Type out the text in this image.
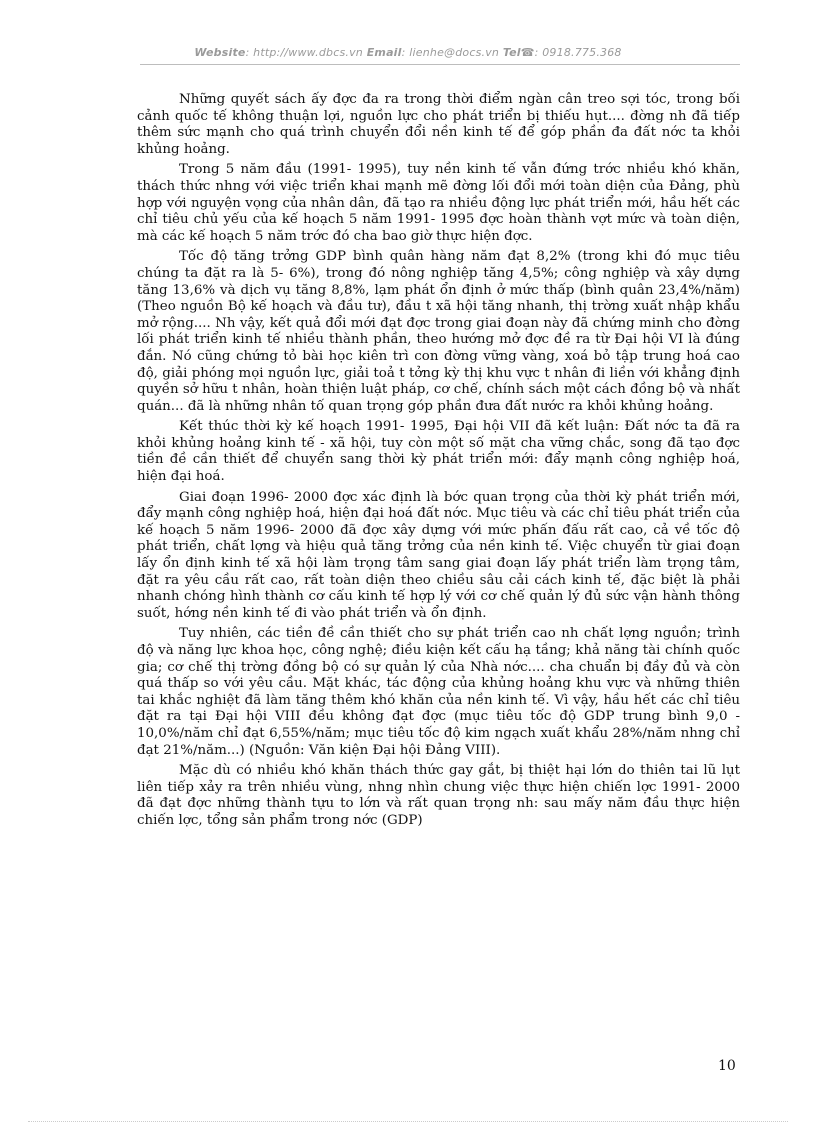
Website: http://www.dbcs.vn Email: lienhe@docs.vn Tel☎: 0918.775.368

Những quyết sách ấy đợc đa ra trong thời điểm ngàn cân treo sợi tóc, trong bối cảnh quốc tế không thuận lợi, nguồn lực cho phát triển bị thiếu hụt.... đờng nh đã tiếp thêm sức mạnh cho quá trình chuyển đổi nền kinh tế để góp phần đa đất nớc ta khỏi khủng hoảng.

Trong 5 năm đầu (1991- 1995), tuy nền kinh tế vẫn đứng trớc nhiều khó khăn, thách thức nhng với việc triển khai mạnh mẽ đờng lối đổi mới toàn diện của Đảng, phù hợp với nguyện vọng của nhân dân, đã tạo ra nhiều động lực phát triển mới, hầu hết các chỉ tiêu chủ yếu của kế hoạch 5 năm 1991- 1995 đợc hoàn thành vợt mức và toàn diện, mà các kế hoạch 5 năm trớc đó cha bao giờ thực hiện đợc.

Tốc độ tăng trởng GDP bình quân hàng năm đạt 8,2% (trong khi đó mục tiêu chúng ta đặt ra là 5- 6%), trong đó nông nghiệp tăng 4,5%; công nghiệp và xây dựng tăng 13,6% và dịch vụ tăng 8,8%, lạm phát ổn định ở mức thấp (bình quân 23,4%/năm) (Theo nguồn Bộ kế hoạch và đầu tư), đầu t xã hội tăng nhanh, thị trờng xuất nhập khẩu mở rộng.... Nh vậy, kết quả đổi mới đạt đợc trong giai đoạn này đã chứng minh cho đờng lối phát triển kinh tế nhiều thành phần, theo hướng mở đợc đề ra từ Đại hội VI là đúng đắn. Nó cũng chứng tỏ bài học kiên trì con đờng vững vàng, xoá bỏ tập trung hoá cao độ, giải phóng mọi nguồn lực, giải toả t tởng kỳ thị khu vực t nhân đi liền với khẳng định quyền sở hữu t nhân, hoàn thiện luật pháp, cơ chế, chính sách một cách đồng bộ và nhất quán... đã là những nhân tố quan trọng góp phần đưa đất nước ra khỏi khủng hoảng.

Kết thúc thời kỳ kế hoạch 1991- 1995, Đại hội VII đã kết luận: Đất nớc ta đã ra khỏi khủng hoảng kinh tế - xã hội, tuy còn một số mặt cha vững chắc, song đã tạo đợc tiền đề cần thiết để chuyển sang thời kỳ phát triển mới: đẩy mạnh công nghiệp hoá, hiện đại hoá.

Giai đoạn 1996- 2000 đợc xác định là bớc quan trọng của thời kỳ phát triển mới, đẩy mạnh công nghiệp hoá, hiện đại hoá đất nớc. Mục tiêu và các chỉ tiêu phát triển của kế hoạch 5 năm 1996- 2000 đã đợc xây dựng với mức phấn đấu rất cao, cả về tốc độ phát triển, chất lợng và hiệu quả tăng trởng của nền kinh tế. Việc chuyển từ giai đoạn lấy ổn định kinh tế xã hội làm trọng tâm sang giai đoạn lấy phát triển làm trọng tâm, đặt ra yêu cầu rất cao, rất toàn diện theo chiều sâu cải cách kinh tế, đặc biệt là phải nhanh chóng hình thành cơ cấu kinh tế hợp lý với cơ chế quản lý đủ sức vận hành thông suốt, hớng nền kinh tế đi vào phát triển và ổn định.

Tuy nhiên, các tiền đề cần thiết cho sự phát triển cao nh chất lợng nguồn; trình độ và năng lực khoa học, công nghệ; điều kiện kết cấu hạ tầng; khả năng tài chính quốc gia; cơ chế thị trờng đồng bộ có sự quản lý của Nhà nớc.... cha chuẩn bị đầy đủ và còn quá thấp so với yêu cầu. Mặt khác, tác động của khủng hoảng khu vực và những thiên tai khắc nghiệt đã làm tăng thêm khó khăn của nền kinh tế. Vì vậy, hầu hết các chỉ tiêu đặt ra tại Đại hội VIII đều không đạt đợc (mục tiêu tốc độ GDP trung bình 9,0 - 10,0%/năm chỉ đạt 6,55%/năm; mục tiêu tốc độ kim ngạch xuất khẩu 28%/năm nhng chỉ đạt 21%/năm...) (Nguồn: Văn kiện Đại hội Đảng VIII).

Mặc dù có nhiều khó khăn thách thức gay gắt, bị thiệt hại lớn do thiên tai lũ lụt liên tiếp xảy ra trên nhiều vùng, nhng nhìn chung việc thực hiện chiến lợc 1991- 2000 đã đạt đợc những thành tựu to lớn và rất quan trọng nh: sau mấy năm đầu thực hiện chiến lợc, tổng sản phẩm trong nớc (GDP)

10
